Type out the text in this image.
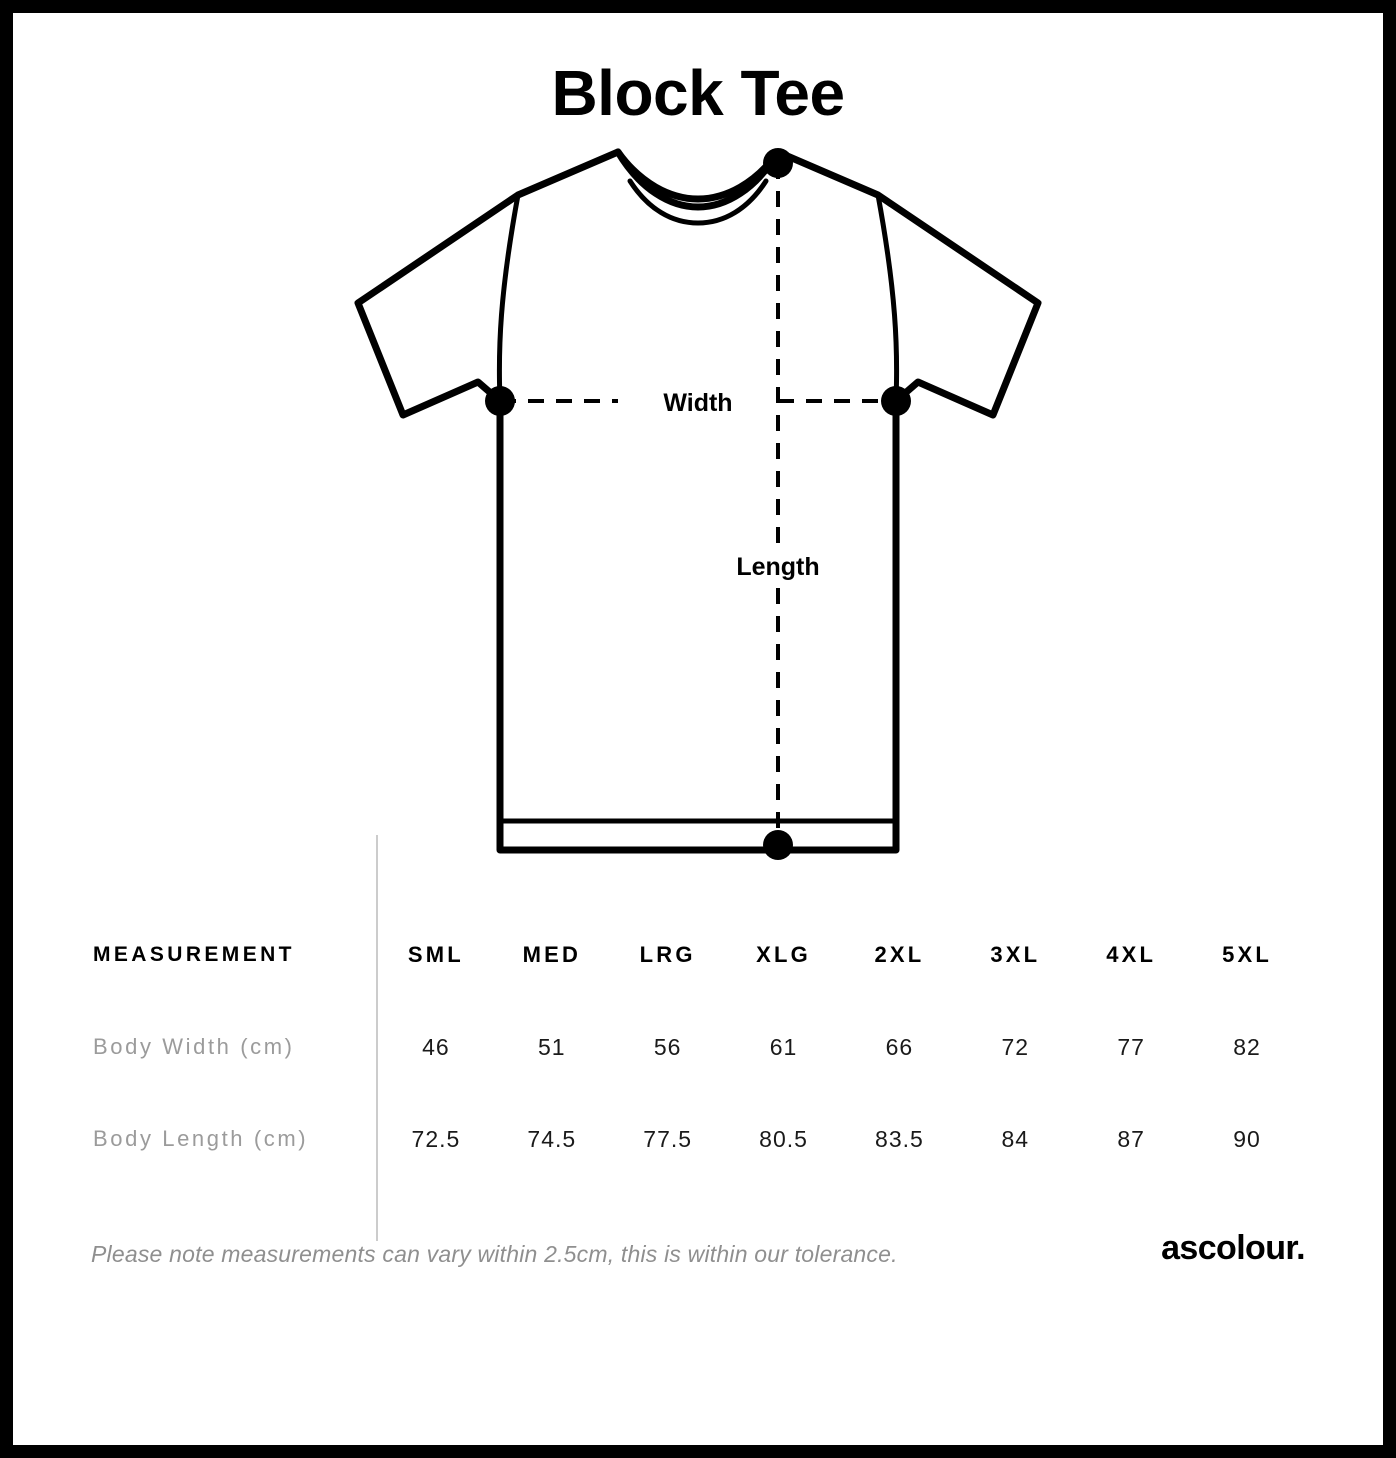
Block Tee
Width
Length
MEASUREMENT	SML	MED	LRG	XLG	2XL	3XL	4XL	5XL
Body Width (cm)	46	51	56	61	66	72	77	82
Body Length (cm)	72.5	74.5	77.5	80.5	83.5	84	87	90
Please note measurements can vary within 2.5cm, this is within our tolerance.	ascolour.
